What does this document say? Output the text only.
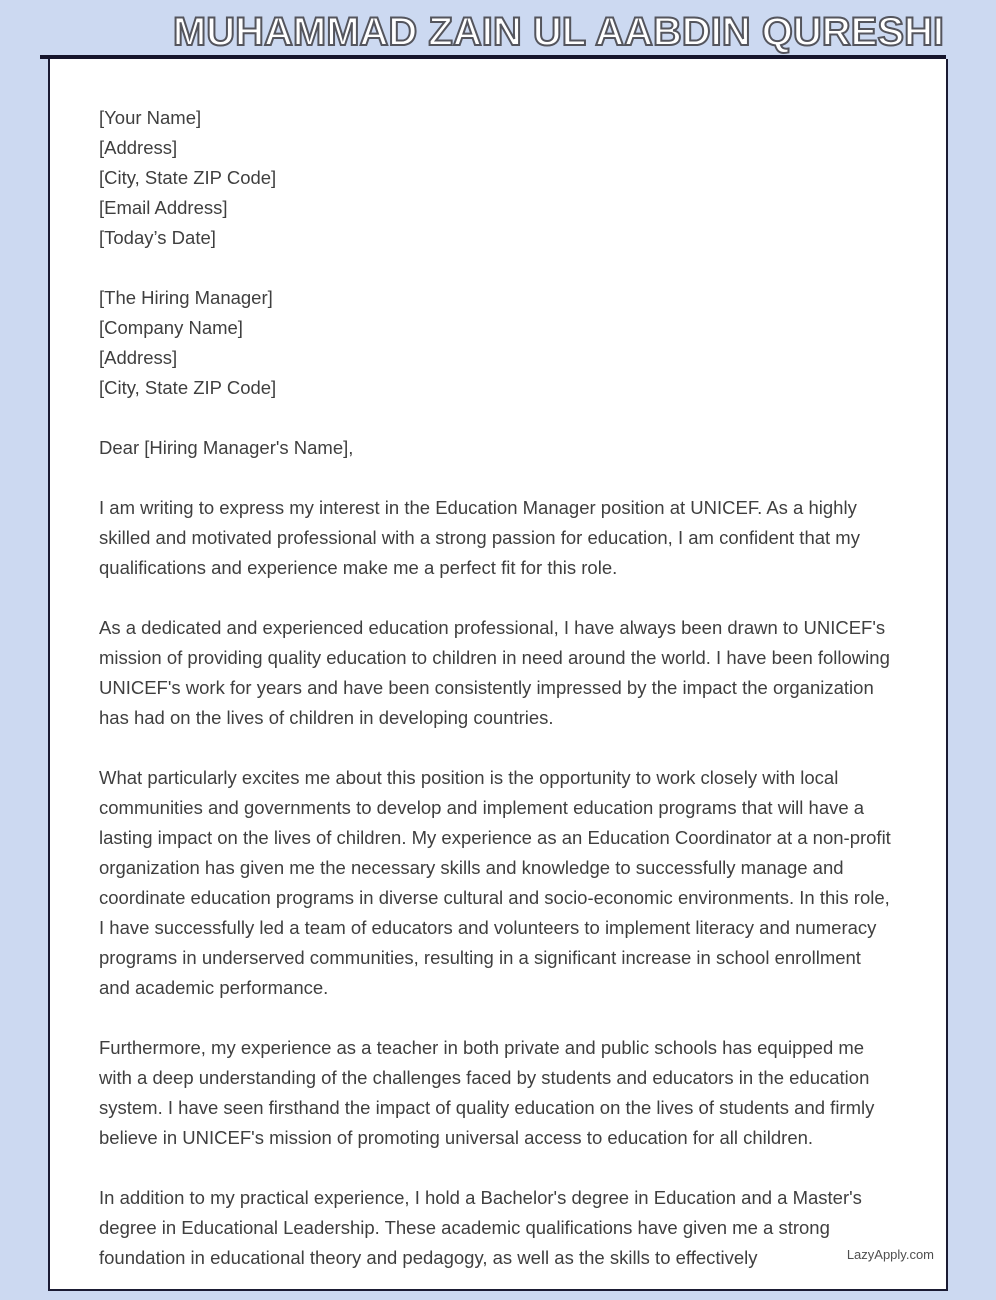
MUHAMMAD ZAIN UL AABDIN QURESHI
[Your Name]
[Address]
[City, State ZIP Code]
[Email Address]
[Today’s Date]
[The Hiring Manager]
[Company Name]
[Address]
[City, State ZIP Code]
Dear [Hiring Manager's Name],

I am writing to express my interest in the Education Manager position at UNICEF. As a highly skilled and motivated professional with a strong passion for education, I am confident that my qualifications and experience make me a perfect fit for this role.

As a dedicated and experienced education professional, I have always been drawn to UNICEF's mission of providing quality education to children in need around the world. I have been following UNICEF's work for years and have been consistently impressed by the impact the organization has had on the lives of children in developing countries.

What particularly excites me about this position is the opportunity to work closely with local communities and governments to develop and implement education programs that will have a lasting impact on the lives of children. My experience as an Education Coordinator at a non-profit organization has given me the necessary skills and knowledge to successfully manage and coordinate education programs in diverse cultural and socio-economic environments. In this role, I have successfully led a team of educators and volunteers to implement literacy and numeracy programs in underserved communities, resulting in a significant increase in school enrollment and academic performance.

Furthermore, my experience as a teacher in both private and public schools has equipped me with a deep understanding of the challenges faced by students and educators in the education system. I have seen firsthand the impact of quality education on the lives of students and firmly believe in UNICEF's mission of promoting universal access to education for all children.

In addition to my practical experience, I hold a Bachelor's degree in Education and a Master's degree in Educational Leadership. These academic qualifications have given me a strong foundation in educational theory and pedagogy, as well as the skills to effectively	LazyApply.com
